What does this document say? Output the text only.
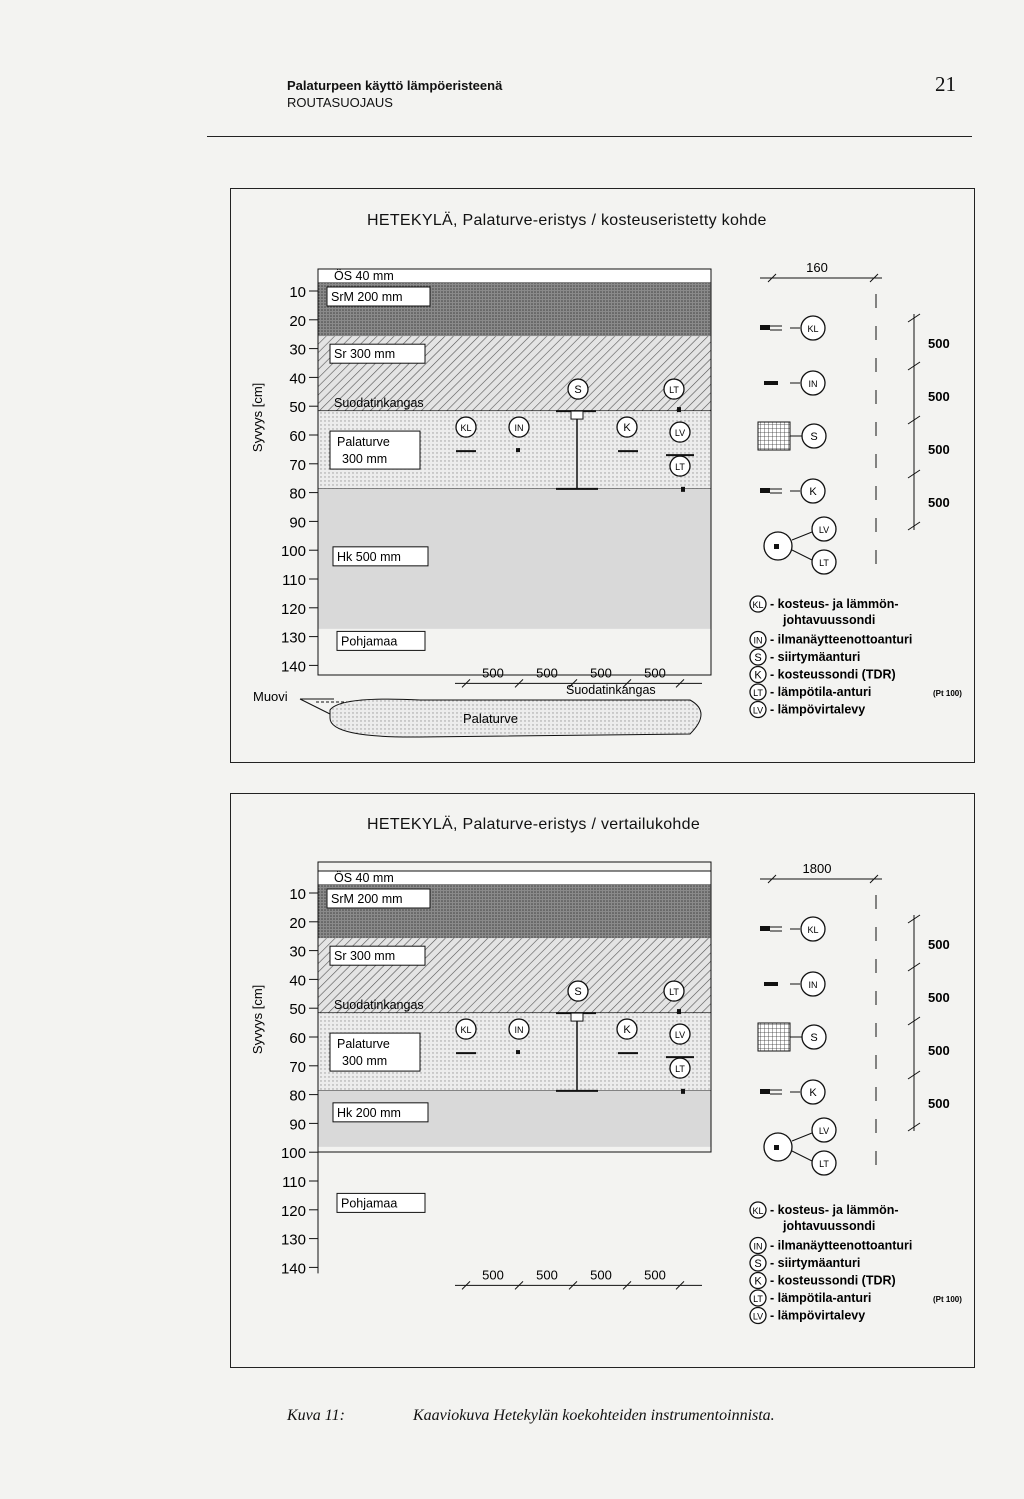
Palaturpeen käyttö lämpöeristeenä
ROUTASUOJAUS
21
HETEKYLÄ, Palaturve-eristys / kosteuseristetty kohde
HETEKYLÄ, Palaturve-eristys / vertailukohde
10
20
30
40
50
60
70
80
90
100
110
120
130
140
Syvyys [cm]
ÖS 40 mm
SrM 200 mm
Sr 300 mm
Suodatinkangas
Palaturve
300 mm
Hk 500 mm
Pohjamaa
S	LT
KL	IN	K	LV
LT
500 500 500 500
Suodatinkangas
Palaturve
Muovi
160
500
500
500
500
KL
IN
S
K
LV
LT
KL - kosteus- ja lämmön-
johtavuussondi
IN - ilmanäytteenottoanturi
S - siirtymäanturi
K - kosteussondi (TDR)
LT - lämpötila-anturi	(Pt 100)
LV - lämpövirtalevy
10
20
30
40
50
60
70
80
90
100
110
120
130
140
Syvyys [cm]
ÖS 40 mm
SrM 200 mm
Sr 300 mm
Suodatinkangas
Palaturve
300 mm
Hk 200 mm
Pohjamaa
S	LT
KL	IN	K	LV
LT
500 500 500 500
1800
500
500
500
500
KL
IN
S
K
LV
LT
KL - kosteus- ja lämmön-
johtavuussondi
IN - ilmanäytteenottoanturi
S - siirtymäanturi
K - kosteussondi (TDR)
LT - lämpötila-anturi	(Pt 100)
LV - lämpövirtalevy
Kuva 11:	Kaaviokuva Hetekylän koekohteiden instrumentoinnista.
